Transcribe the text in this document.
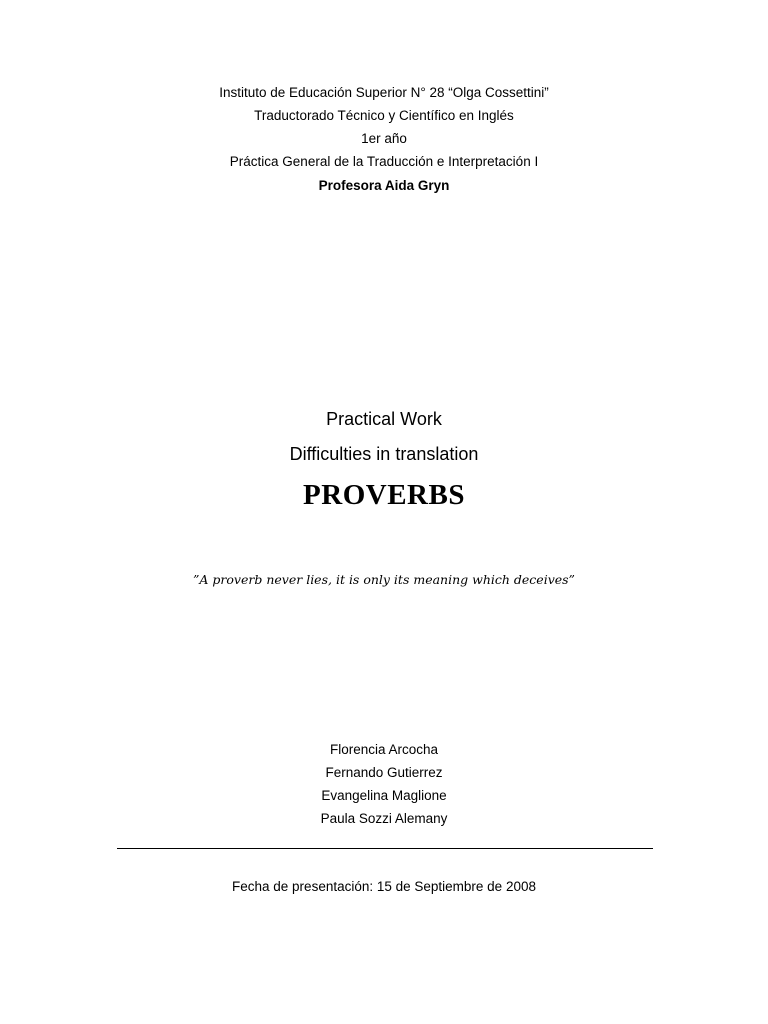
Instituto de Educación Superior N° 28 “Olga Cossettini”
Traductorado Técnico y Científico en Inglés
1er año
Práctica General de la Traducción e Interpretación I
Profesora Aida Gryn
Practical Work
Difficulties in translation
PROVERBS
”A proverb never lies, it is only its meaning which deceives”
Florencia Arcocha
Fernando Gutierrez
Evangelina Maglione
Paula Sozzi Alemany
Fecha de presentación: 15 de Septiembre de 2008
